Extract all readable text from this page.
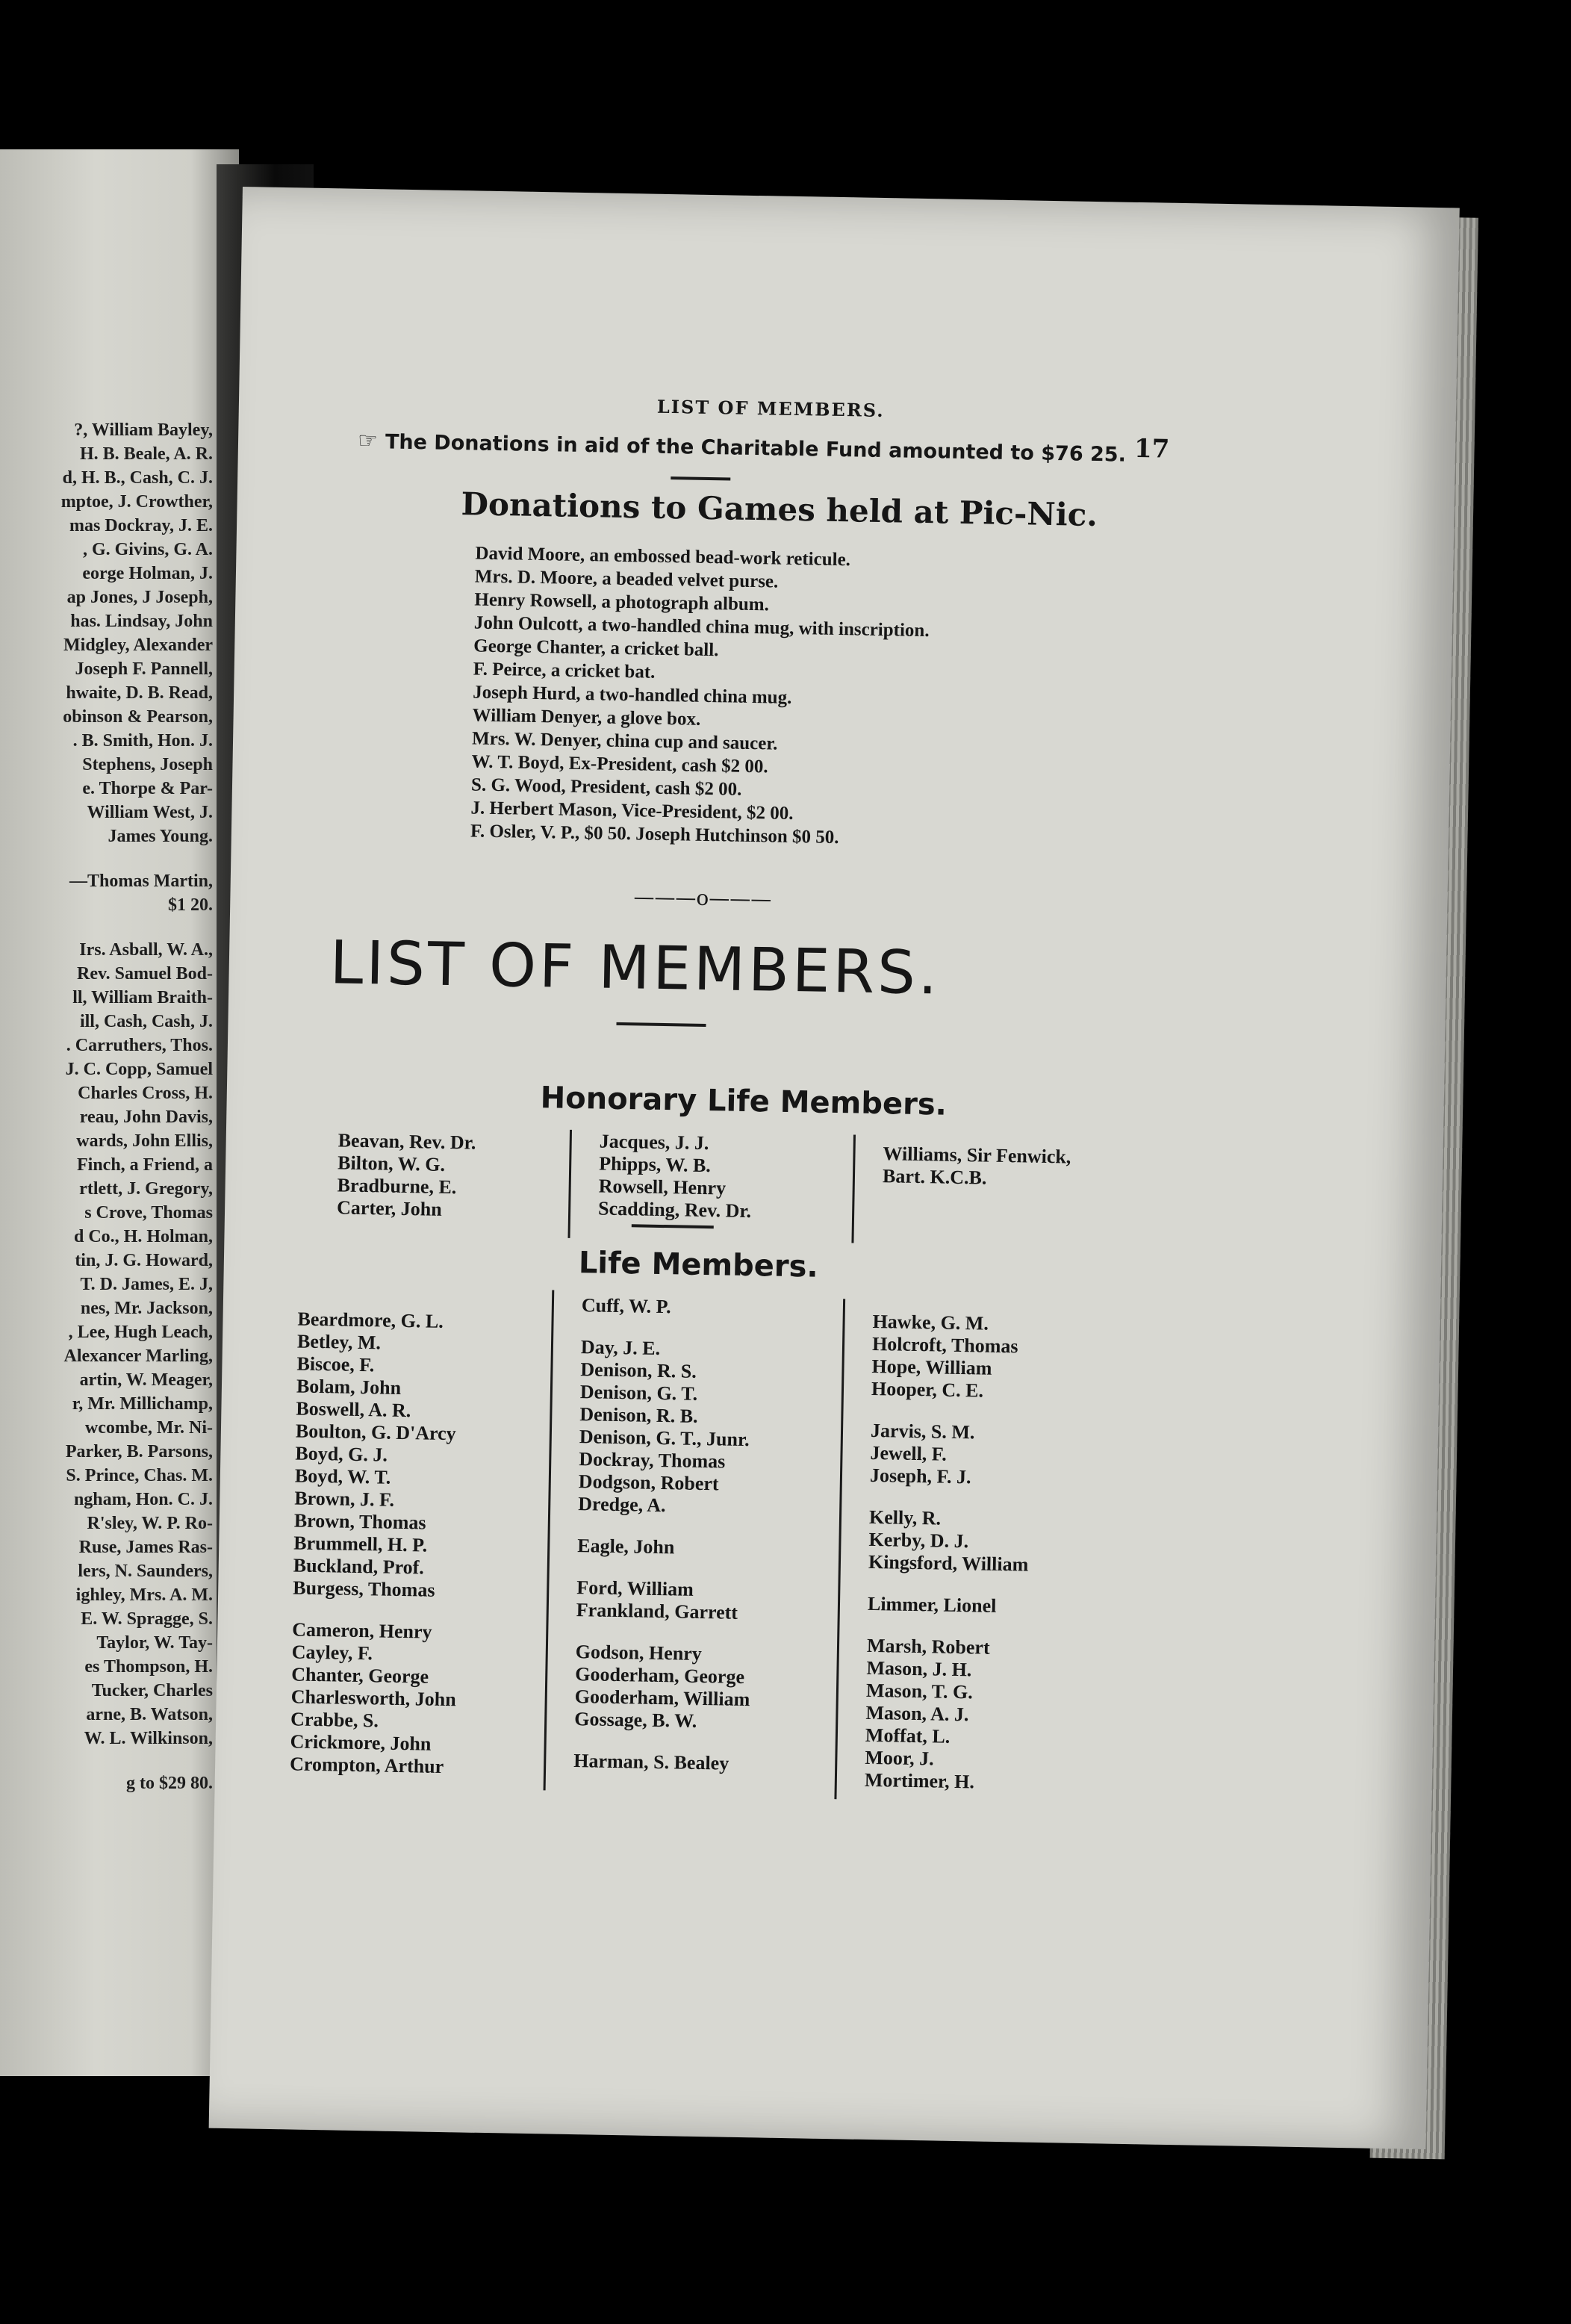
?, William Bayley,
H. B. Beale, A. R.
d, H. B., Cash, C. J.
mptoe, J. Crowther,
mas Dockray, J. E.
, G. Givins, G. A.
eorge Holman, J.
ap Jones, J Joseph,
has. Lindsay, John
Midgley, Alexander
Joseph F. Pannell,
hwaite, D. B. Read,
obinson & Pearson,
. B. Smith, Hon. J.
Stephens, Joseph
e. Thorpe & Par-
William West, J.
James Young.
—Thomas Martin,
$1 20.
Irs. Asball, W. A.,
Rev. Samuel Bod-
ll, William Braith-
ill, Cash, Cash, J.
. Carruthers, Thos.
J. C. Copp, Samuel
Charles Cross, H.
reau, John Davis,
wards, John Ellis,
Finch, a Friend, a
rtlett, J. Gregory,
s Crove, Thomas
d Co., H. Holman,
tin, J. G. Howard,
T. D. James, E. J,
nes, Mr. Jackson,
, Lee, Hugh Leach,
Alexancer Marling,
artin, W. Meager,
r, Mr. Millichamp,
wcombe, Mr. Ni-
Parker, B. Parsons,
S. Prince, Chas. M.
ngham, Hon. C. J.
R'sley, W. P. Ro-
Ruse, James Ras-
lers, N. Saunders,
ighley, Mrs. A. M.
E. W. Spragge, S.
Taylor, W. Tay-
es Thompson, H.
Tucker, Charles
arne, B. Watson,
W. L. Wilkinson,
g to $29 80.
LIST OF MEMBERS.
17
☞ The Donations in aid of the Charitable Fund amounted to $76 25.
Donations to Games held at Pic-Nic.
David Moore, an embossed bead-work reticule.
Mrs. D. Moore, a beaded velvet purse.
Henry Rowsell, a photograph album.
John Oulcott, a two-handled china mug, with inscription.
George Chanter, a cricket ball.
F. Peirce, a cricket bat.
Joseph Hurd, a two-handled china mug.
William Denyer, a glove box.
Mrs. W. Denyer, china cup and saucer.
W. T. Boyd, Ex-President, cash $2 00.
S. G. Wood, President, cash $2 00.
J. Herbert Mason, Vice-President, $2 00.
F. Osler, V. P., $0 50. Joseph Hutchinson $0 50.
———o———
LIST OF MEMBERS.
Honorary Life Members.
Beavan, Rev. Dr.
Bilton, W. G.
Bradburne, E.
Carter, John
Jacques, J. J.
Phipps, W. B.
Rowsell, Henry
Scadding, Rev. Dr.
Williams, Sir Fenwick,
Bart. K.C.B.
Life Members.
Beardmore, G. L.
Betley, M.
Biscoe, F.
Bolam, John
Boswell, A. R.
Boulton, G. D'Arcy
Boyd, G. J.
Boyd, W. T.
Brown, J. F.
Brown, Thomas
Brummell, H. P.
Buckland, Prof.
Burgess, Thomas
Cameron, Henry
Cayley, F.
Chanter, George
Charlesworth, John
Crabbe, S.
Crickmore, John
Crompton, Arthur
Cuff, W. P.
Day, J. E.
Denison, R. S.
Denison, G. T.
Denison, R. B.
Denison, G. T., Junr.
Dockray, Thomas
Dodgson, Robert
Dredge, A.
Eagle, John
Ford, William
Frankland, Garrett
Godson, Henry
Gooderham, George
Gooderham, William
Gossage, B. W.
Harman, S. Bealey
Hawke, G. M.
Holcroft, Thomas
Hope, William
Hooper, C. E.
Jarvis, S. M.
Jewell, F.
Joseph, F. J.
Kelly, R.
Kerby, D. J.
Kingsford, William
Limmer, Lionel
Marsh, Robert
Mason, J. H.
Mason, T. G.
Mason, A. J.
Moffat, L.
Moor, J.
Mortimer, H.
